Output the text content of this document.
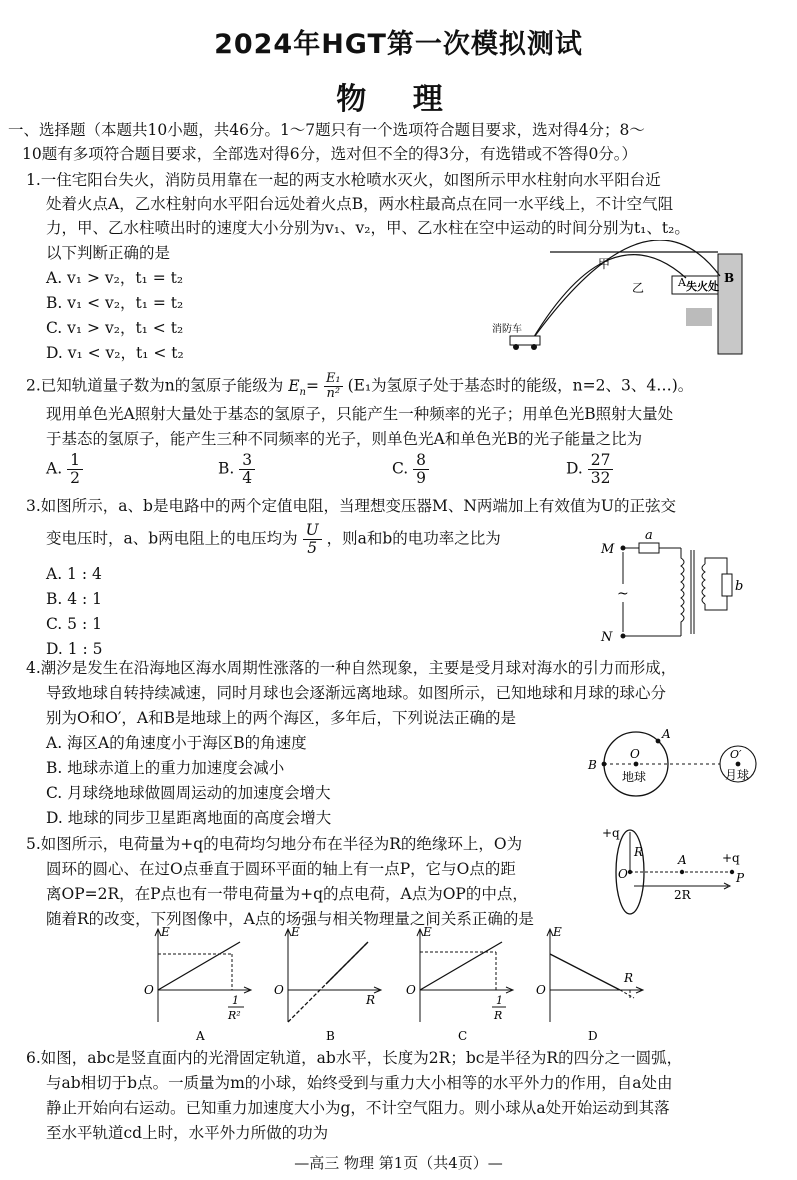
2024年HGT第一次模拟测试
物 理
一、选择题（本题共10小题，共46分。1～7题只有一个选项符合题目要求，选对得4分；8～
10题有多项符合题目要求，全部选对得6分，选对但不全的得3分，有选错或不答得0分。）
1.一住宅阳台失火，消防员用靠在一起的两支水枪喷水灭火，如图所示甲水柱射向水平阳台近
处着火点A，乙水柱射向水平阳台远处着火点B，两水柱最高点在同一水平线上，不计空气阻
力，甲、乙水柱喷出时的速度大小分别为v₁、v₂，甲、乙水柱在空中运动的时间分别为t₁、t₂。
以下判断正确的是
A. v₁ > v₂，t₁ = t₂
B. v₁ < v₂，t₁ = t₂
C. v₁ > v₂，t₁ < t₂
D. v₁ < v₂，t₁ < t₂
甲
乙	A	B
失火处
消防车
2.已知轨道量子数为n的氢原子能级为 $E_n= \frac{\text{E₁}}{\text{n²}} (E_1$为氢原子处于基态时的能级，n=2、3、4…)。
现用单色光A照射大量处于基态的氢原子，只能产生一种频率的光子；用单色光B照射大量处
于基态的氢原子，能产生三种不同频率的光子，则单色光A和单色光B的光子能量之比为
A. $\frac{1}{2}$	B. $\frac{3}{4}$	C. $\frac{8}{9}$	D. $\frac{27}{32}$
3.如图所示，a、b是电路中的两个定值电阻，当理想变压器M、N两端加上有效值为U的正弦交
变电压时，a、b两电阻上的电压均为 $\frac{U}{5}$ ，则a和b的电功率之比为
A. 1 : 4
B. 4 : 1
C. 5 : 1
D. 1 : 5
a
b
M
N
~
4.潮汐是发生在沿海地区海水周期性涨落的一种自然现象，主要是受月球对海水的引力而形成，
导致地球自转持续减速，同时月球也会逐渐远离地球。如图所示，已知地球和月球的球心分
别为O和O′，A和B是地球上的两个海区，多年后，下列说法正确的是
A. 海区A的角速度小于海区B的角速度
B. 地球赤道上的重力加速度会减小
C. 月球绕地球做圆周运动的加速度会增大
D. 地球的同步卫星距离地面的高度会增大
A
B
O
地球
O′
月球
5.如图所示，电荷量为+q的电荷均匀地分布在半径为R的绝缘环上，O为
圆环的圆心、在过O点垂直于圆环平面的轴上有一点P，它与O点的距
离OP=2R，在P点也有一带电荷量为+q的点电荷，A点为OP的中点，
随着R的改变，下列图像中，A点的场强与相关物理量之间关系正确的是
+q
R
O
A
2R
+q
P
E
O
1
R²
A
E
O
R
B
E
O
1
R
C
E
O
R
D
6.如图，abc是竖直面内的光滑固定轨道，ab水平，长度为2R；bc是半径为R的四分之一圆弧，
与ab相切于b点。一质量为m的小球，始终受到与重力大小相等的水平外力的作用，自a处由
静止开始向右运动。已知重力加速度大小为g，不计空气阻力。则小球从a处开始运动到其落
至水平轨道cd上时，水平外力所做的功为
—高三 物理 第1页（共4页）—
